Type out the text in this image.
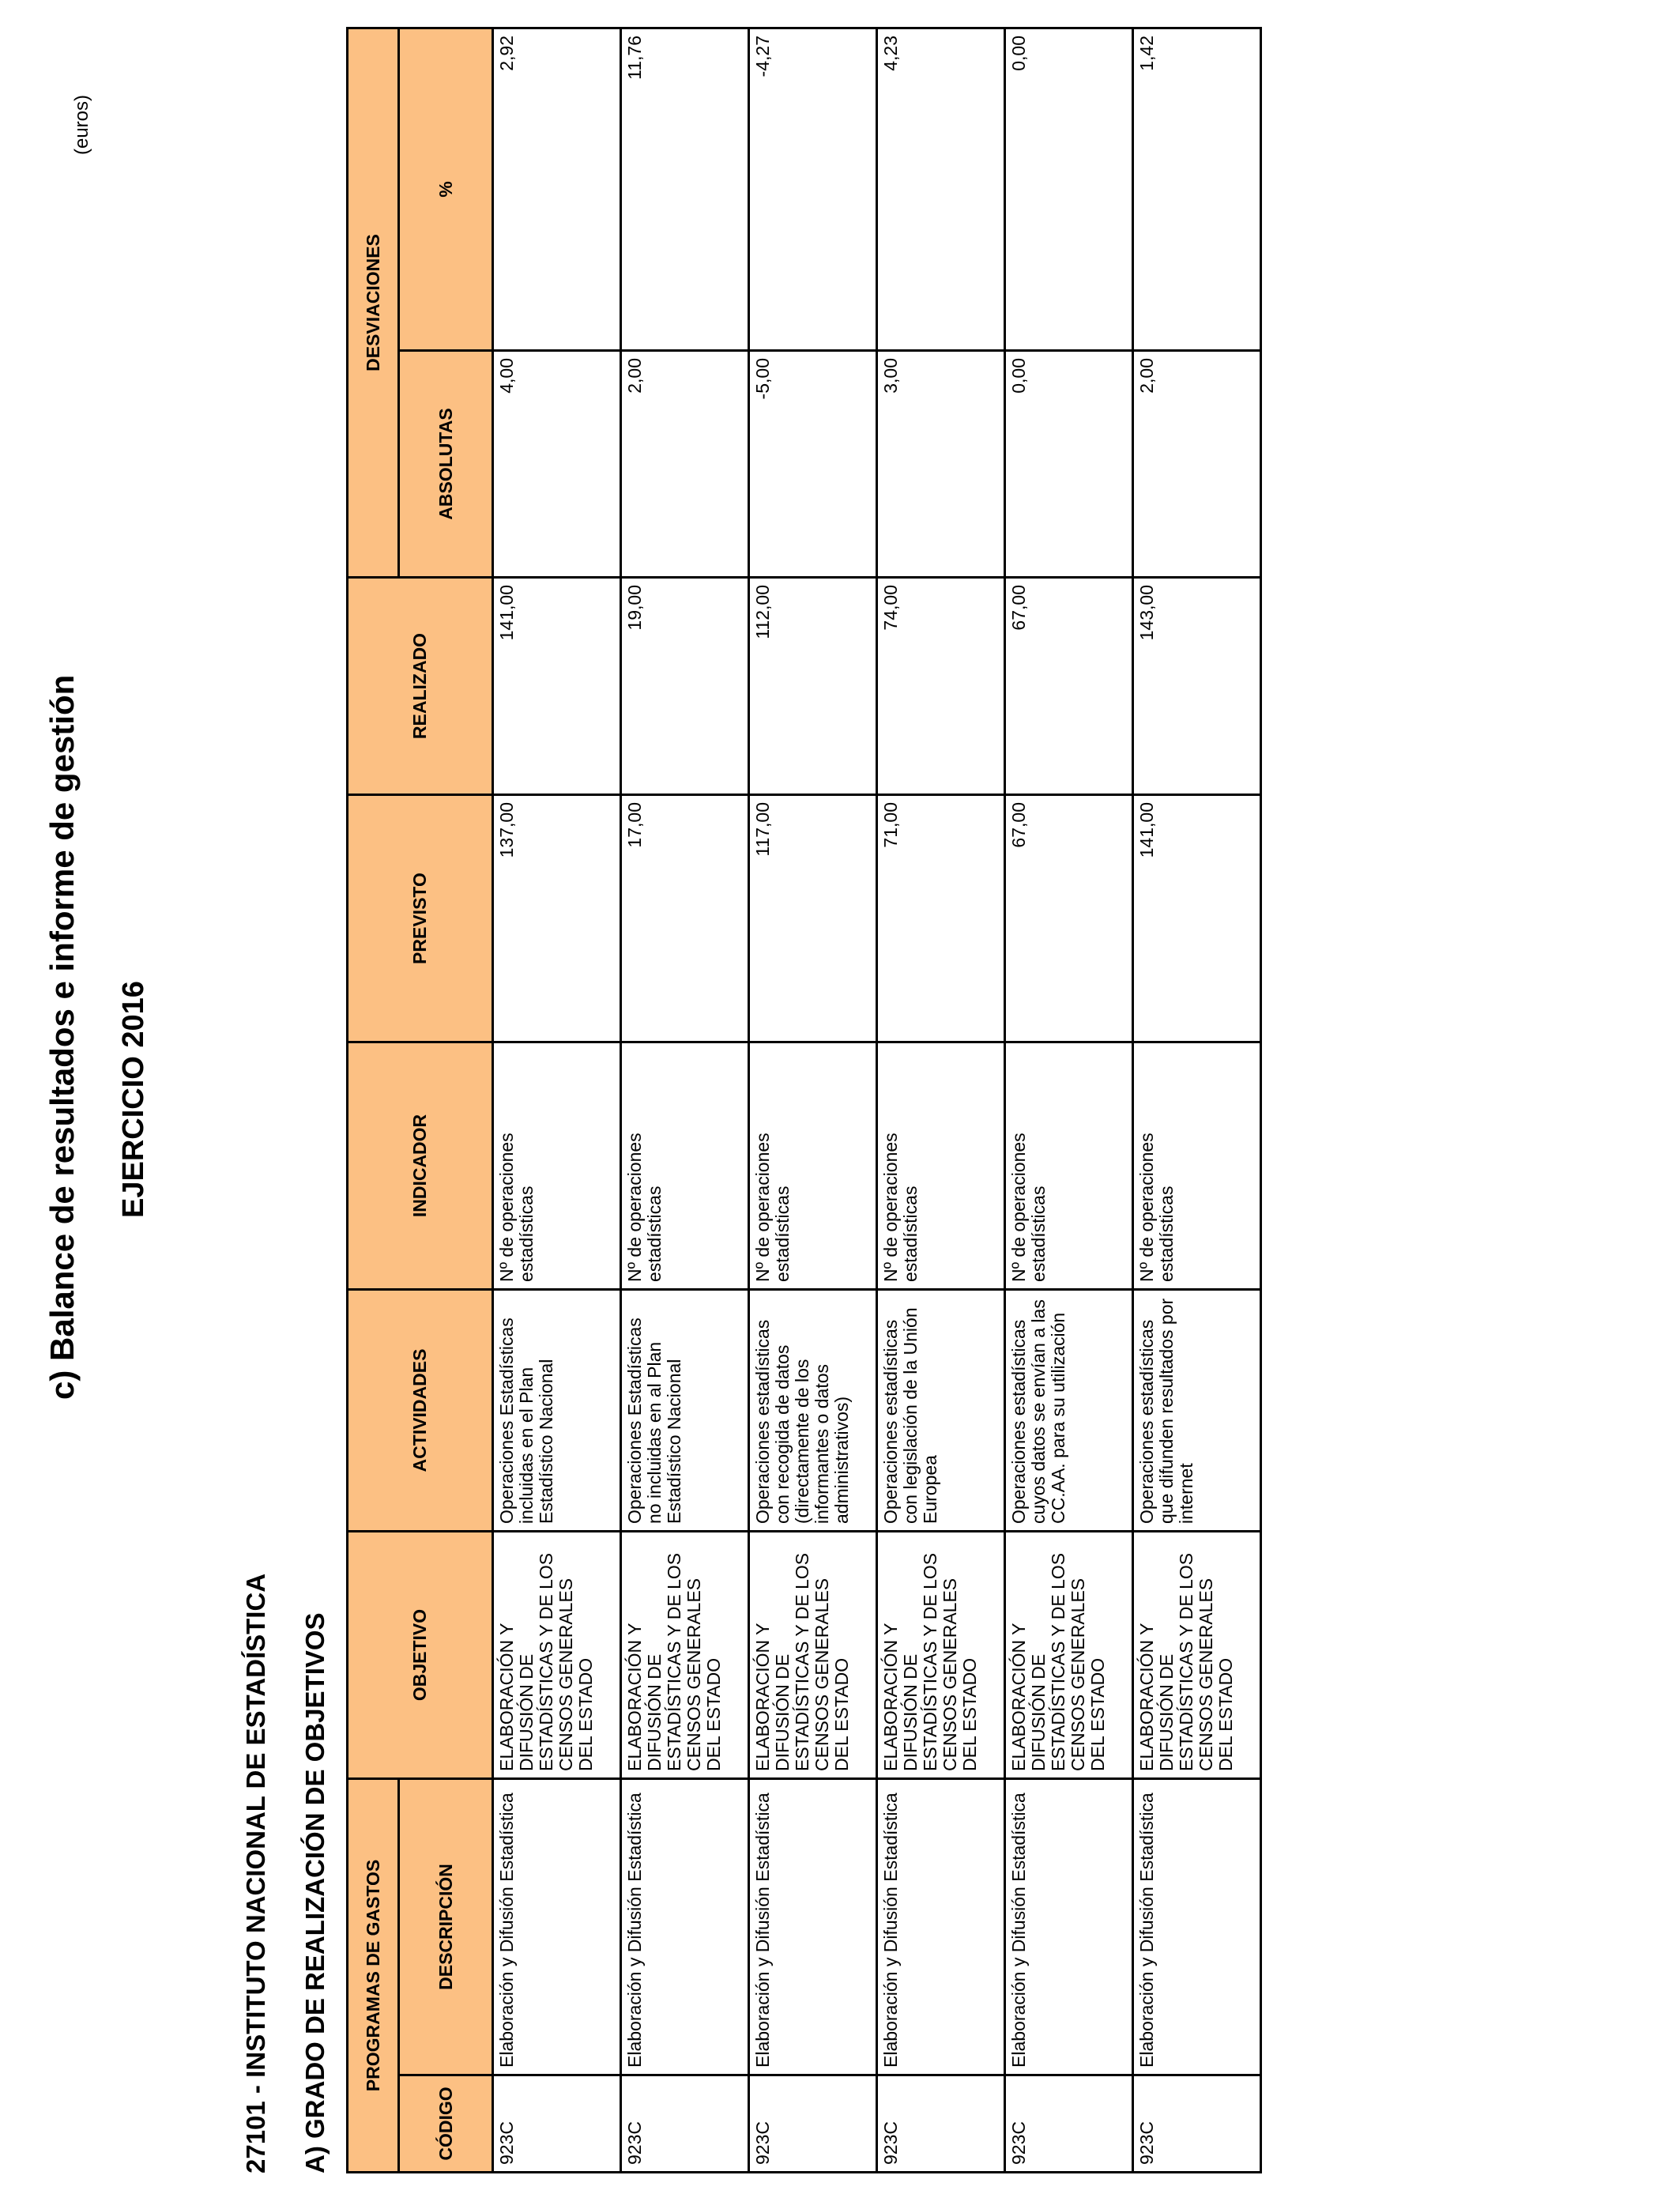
c) Balance de resultados e informe de gestión EJERCICIO 2016
(euros)
27101 - INSTITUTO NACIONAL DE ESTADÍSTICA A) GRADO DE REALIZACIÓN DE OBJETIVOS PROGRAMAS DE GASTOS		OBJETIVO	ACTIVIDADES	INDICADOR	PREVISTO	REALIZADO	DESVIACIONES	
CÓDIGO	DESCRIPCIÓN						ABSOLUTAS	%
923C	Elaboración y Difusión Estadística	ELABORACIÓN Y DIFUSIÓN DE ESTADÍSTICAS Y DE LOS CENSOS GENERALES DEL ESTADO	Operaciones Estadísticas incluidas en el Plan Estadístico Nacional	Nº de operaciones estadísticas	137,00	141,00	4,00	2,92
923C	Elaboración y Difusión Estadística	ELABORACIÓN Y DIFUSIÓN DE ESTADÍSTICAS Y DE LOS CENSOS GENERALES DEL ESTADO	Operaciones Estadísticas no incluidas en al Plan Estadístico Nacional	Nº de operaciones estadísticas	17,00	19,00	2,00	11,76
923C	Elaboración y Difusión Estadística	ELABORACIÓN Y DIFUSIÓN DE ESTADÍSTICAS Y DE LOS CENSOS GENERALES DEL ESTADO	Operaciones estadísticas con recogida de datos (directamente de los informantes o datos administrativos)	Nº de operaciones estadísticas	117,00	112,00	-5,00	-4,27
923C	Elaboración y Difusión Estadística	ELABORACIÓN Y DIFUSIÓN DE ESTADÍSTICAS Y DE LOS CENSOS GENERALES DEL ESTADO	Operaciones estadísticas con legislación de la Unión Europea	Nº de operaciones estadísticas	71,00	74,00	3,00	4,23
923C	Elaboración y Difusión Estadística	ELABORACIÓN Y DIFUSIÓN DE ESTADÍSTICAS Y DE LOS CENSOS GENERALES DEL ESTADO	Operaciones estadísticas cuyos datos se envían a las CC.AA. para su utilización	Nº de operaciones estadísticas	67,00	67,00	0,00	0,00
923C	Elaboración y Difusión Estadística	ELABORACIÓN Y DIFUSIÓN DE ESTADÍSTICAS Y DE LOS CENSOS GENERALES DEL ESTADO	Operaciones estadísticas que difunden resultados por internet	Nº de operaciones estadísticas	141,00	143,00	2,00	1,42
